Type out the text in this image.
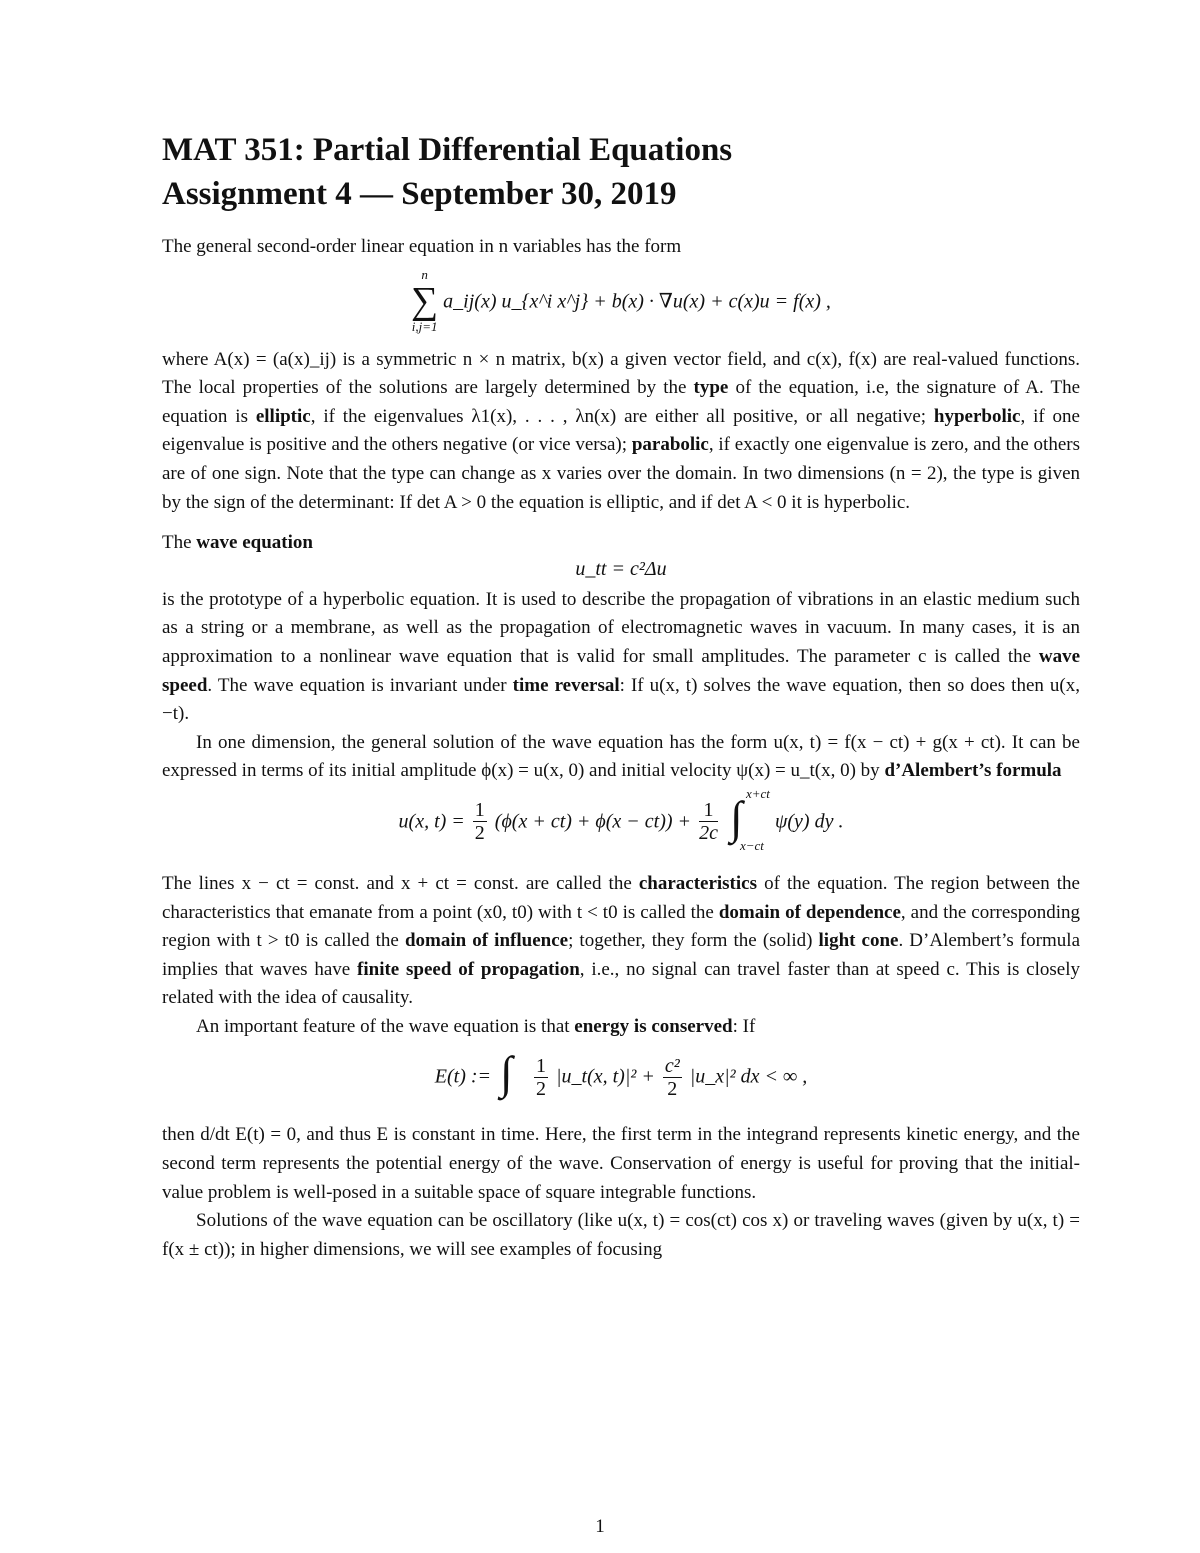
MAT 351: Partial Differential Equations
Assignment 4 — September 30, 2019

The general second-order linear equation in n variables has the form

n
∑
i,j=1 a_ij(x) u_{x^i x^j} + b(x) · ∇u(x) + c(x)u = f(x) ,

where A(x) = (a(x)_ij) is a symmetric n × n matrix, b(x) a given vector field, and c(x), f(x) are real-valued functions. The local properties of the solutions are largely determined by the type of the equation, i.e, the signature of A. The equation is elliptic, if the eigenvalues λ1(x), . . . , λn(x) are either all positive, or all negative; hyperbolic, if one eigenvalue is positive and the others negative (or vice versa); parabolic, if exactly one eigenvalue is zero, and the others are of one sign. Note that the type can change as x varies over the domain. In two dimensions (n = 2), the type is given by the sign of the determinant: If det A > 0 the equation is elliptic, and if det A < 0 it is hyperbolic.

The wave equation

u_tt = c²Δu

is the prototype of a hyperbolic equation. It is used to describe the propagation of vibrations in an elastic medium such as a string or a membrane, as well as the propagation of electromagnetic waves in vacuum. In many cases, it is an approximation to a nonlinear wave equation that is valid for small amplitudes. The parameter c is called the wave speed. The wave equation is invariant under time reversal: If u(x, t) solves the wave equation, then so does then u(x, −t).

In one dimension, the general solution of the wave equation has the form u(x, t) = f(x − ct) + g(x + ct). It can be expressed in terms of its initial amplitude ϕ(x) = u(x, 0) and initial velocity ψ(x) = u_t(x, 0) by d’Alembert’s formula

u(x, $t) = \frac{1}{2} (\phi(x + ct) + \phi(x - ct)) + \frac{1}{2c}$
∫ x+ct
x−ct
ψ(y) dy .

The lines x − ct = const. and x + ct = const. are called the characteristics of the equation. The region between the characteristics that emanate from a point (x0, t0) with t < t0 is called the domain of dependence, and the corresponding region with t > t0 is called the domain of influence; together, they form the (solid) light cone. D’Alembert’s formula implies that waves have finite speed of propagation, i.e., no signal can travel faster than at speed c. This is closely related with the idea of causality.

An important feature of the wave equation is that energy is conserved: If

E(t) := ∫
$\frac{1}{2}$ |u_t(x, $t)|^2 + \frac{\text{c²}}{2}$ |u_x|² dx < ∞ ,

then d/dt E(t) = 0, and thus E is constant in time. Here, the first term in the integrand represents kinetic energy, and the second term represents the potential energy of the wave. Conservation of energy is useful for proving that the initial-value problem is well-posed in a suitable space of square integrable functions.

Solutions of the wave equation can be oscillatory (like u(x, t) = cos(ct) cos x) or traveling waves (given by u(x, t) = f(x ± ct)); in higher dimensions, we will see examples of focusing

1
